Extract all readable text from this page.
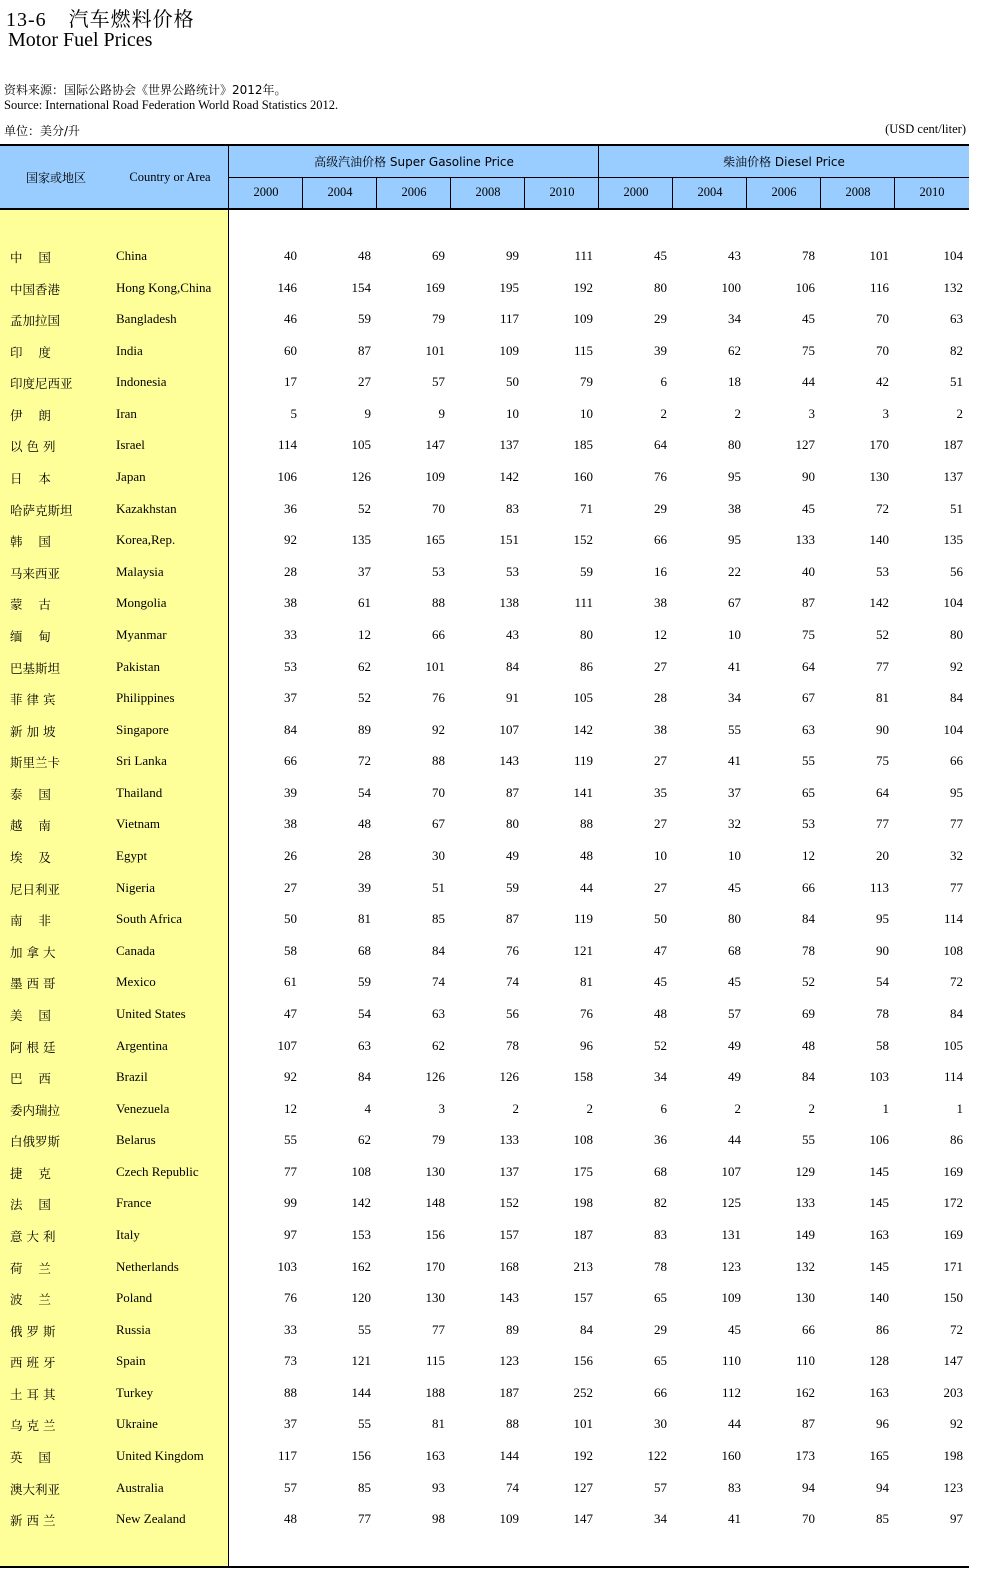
13-6 汽车燃料价格
Motor Fuel Prices
资料来源：国际公路协会《世界公路统计》2012年。
Source: International Road Federation World Road Statistics 2012.
单位：美分/升	(USD cent/liter)
国家或地区	Country or Area
高级汽油价格 Super Gasoline Price	柴油价格 Diesel Price
2000	2000
2004	2004
2006	2006
2008	2008
2010	2010
中    国	China	40	48	69	99	111	45	43	78	101	104
中国香港	Hong Kong,China	146	154	169	195	192	80	100	106	116	132
孟加拉国	Bangladesh	46	59	79	117	109	29	34	45	70	63
印    度	India	60	87	101	109	115	39	62	75	70	82
印度尼西亚	Indonesia	17	27	57	50	79	6	18	44	42	51
伊    朗	Iran	5	9	9	10	10	2	2	3	3	2
以 色 列	Israel	114	105	147	137	185	64	80	127	170	187
日    本	Japan	106	126	109	142	160	76	95	90	130	137
哈萨克斯坦	Kazakhstan	36	52	70	83	71	29	38	45	72	51
韩    国	Korea,Rep.	92	135	165	151	152	66	95	133	140	135
马来西亚	Malaysia	28	37	53	53	59	16	22	40	53	56
蒙    古	Mongolia	38	61	88	138	111	38	67	87	142	104
缅    甸	Myanmar	33	12	66	43	80	12	10	75	52	80
巴基斯坦	Pakistan	53	62	101	84	86	27	41	64	77	92
菲 律 宾	Philippines	37	52	76	91	105	28	34	67	81	84
新 加 坡	Singapore	84	89	92	107	142	38	55	63	90	104
斯里兰卡	Sri Lanka	66	72	88	143	119	27	41	55	75	66
泰    国	Thailand	39	54	70	87	141	35	37	65	64	95
越    南	Vietnam	38	48	67	80	88	27	32	53	77	77
埃    及	Egypt	26	28	30	49	48	10	10	12	20	32
尼日利亚	Nigeria	27	39	51	59	44	27	45	66	113	77
南    非	South Africa	50	81	85	87	119	50	80	84	95	114
加 拿 大	Canada	58	68	84	76	121	47	68	78	90	108
墨 西 哥	Mexico	61	59	74	74	81	45	45	52	54	72
美    国	United States	47	54	63	56	76	48	57	69	78	84
阿 根 廷	Argentina	107	63	62	78	96	52	49	48	58	105
巴    西	Brazil	92	84	126	126	158	34	49	84	103	114
委内瑞拉	Venezuela	12	4	3	2	2	6	2	2	1	1
白俄罗斯	Belarus	55	62	79	133	108	36	44	55	106	86
捷    克	Czech Republic	77	108	130	137	175	68	107	129	145	169
法    国	France	99	142	148	152	198	82	125	133	145	172
意 大 利	Italy	97	153	156	157	187	83	131	149	163	169
荷    兰	Netherlands	103	162	170	168	213	78	123	132	145	171
波    兰	Poland	76	120	130	143	157	65	109	130	140	150
俄 罗 斯	Russia	33	55	77	89	84	29	45	66	86	72
西 班 牙	Spain	73	121	115	123	156	65	110	110	128	147
土 耳 其	Turkey	88	144	188	187	252	66	112	162	163	203
乌 克 兰	Ukraine	37	55	81	88	101	30	44	87	96	92
英    国	United Kingdom	117	156	163	144	192	122	160	173	165	198
澳大利亚	Australia	57	85	93	74	127	57	83	94	94	123
新 西 兰	New Zealand	48	77	98	109	147	34	41	70	85	97
